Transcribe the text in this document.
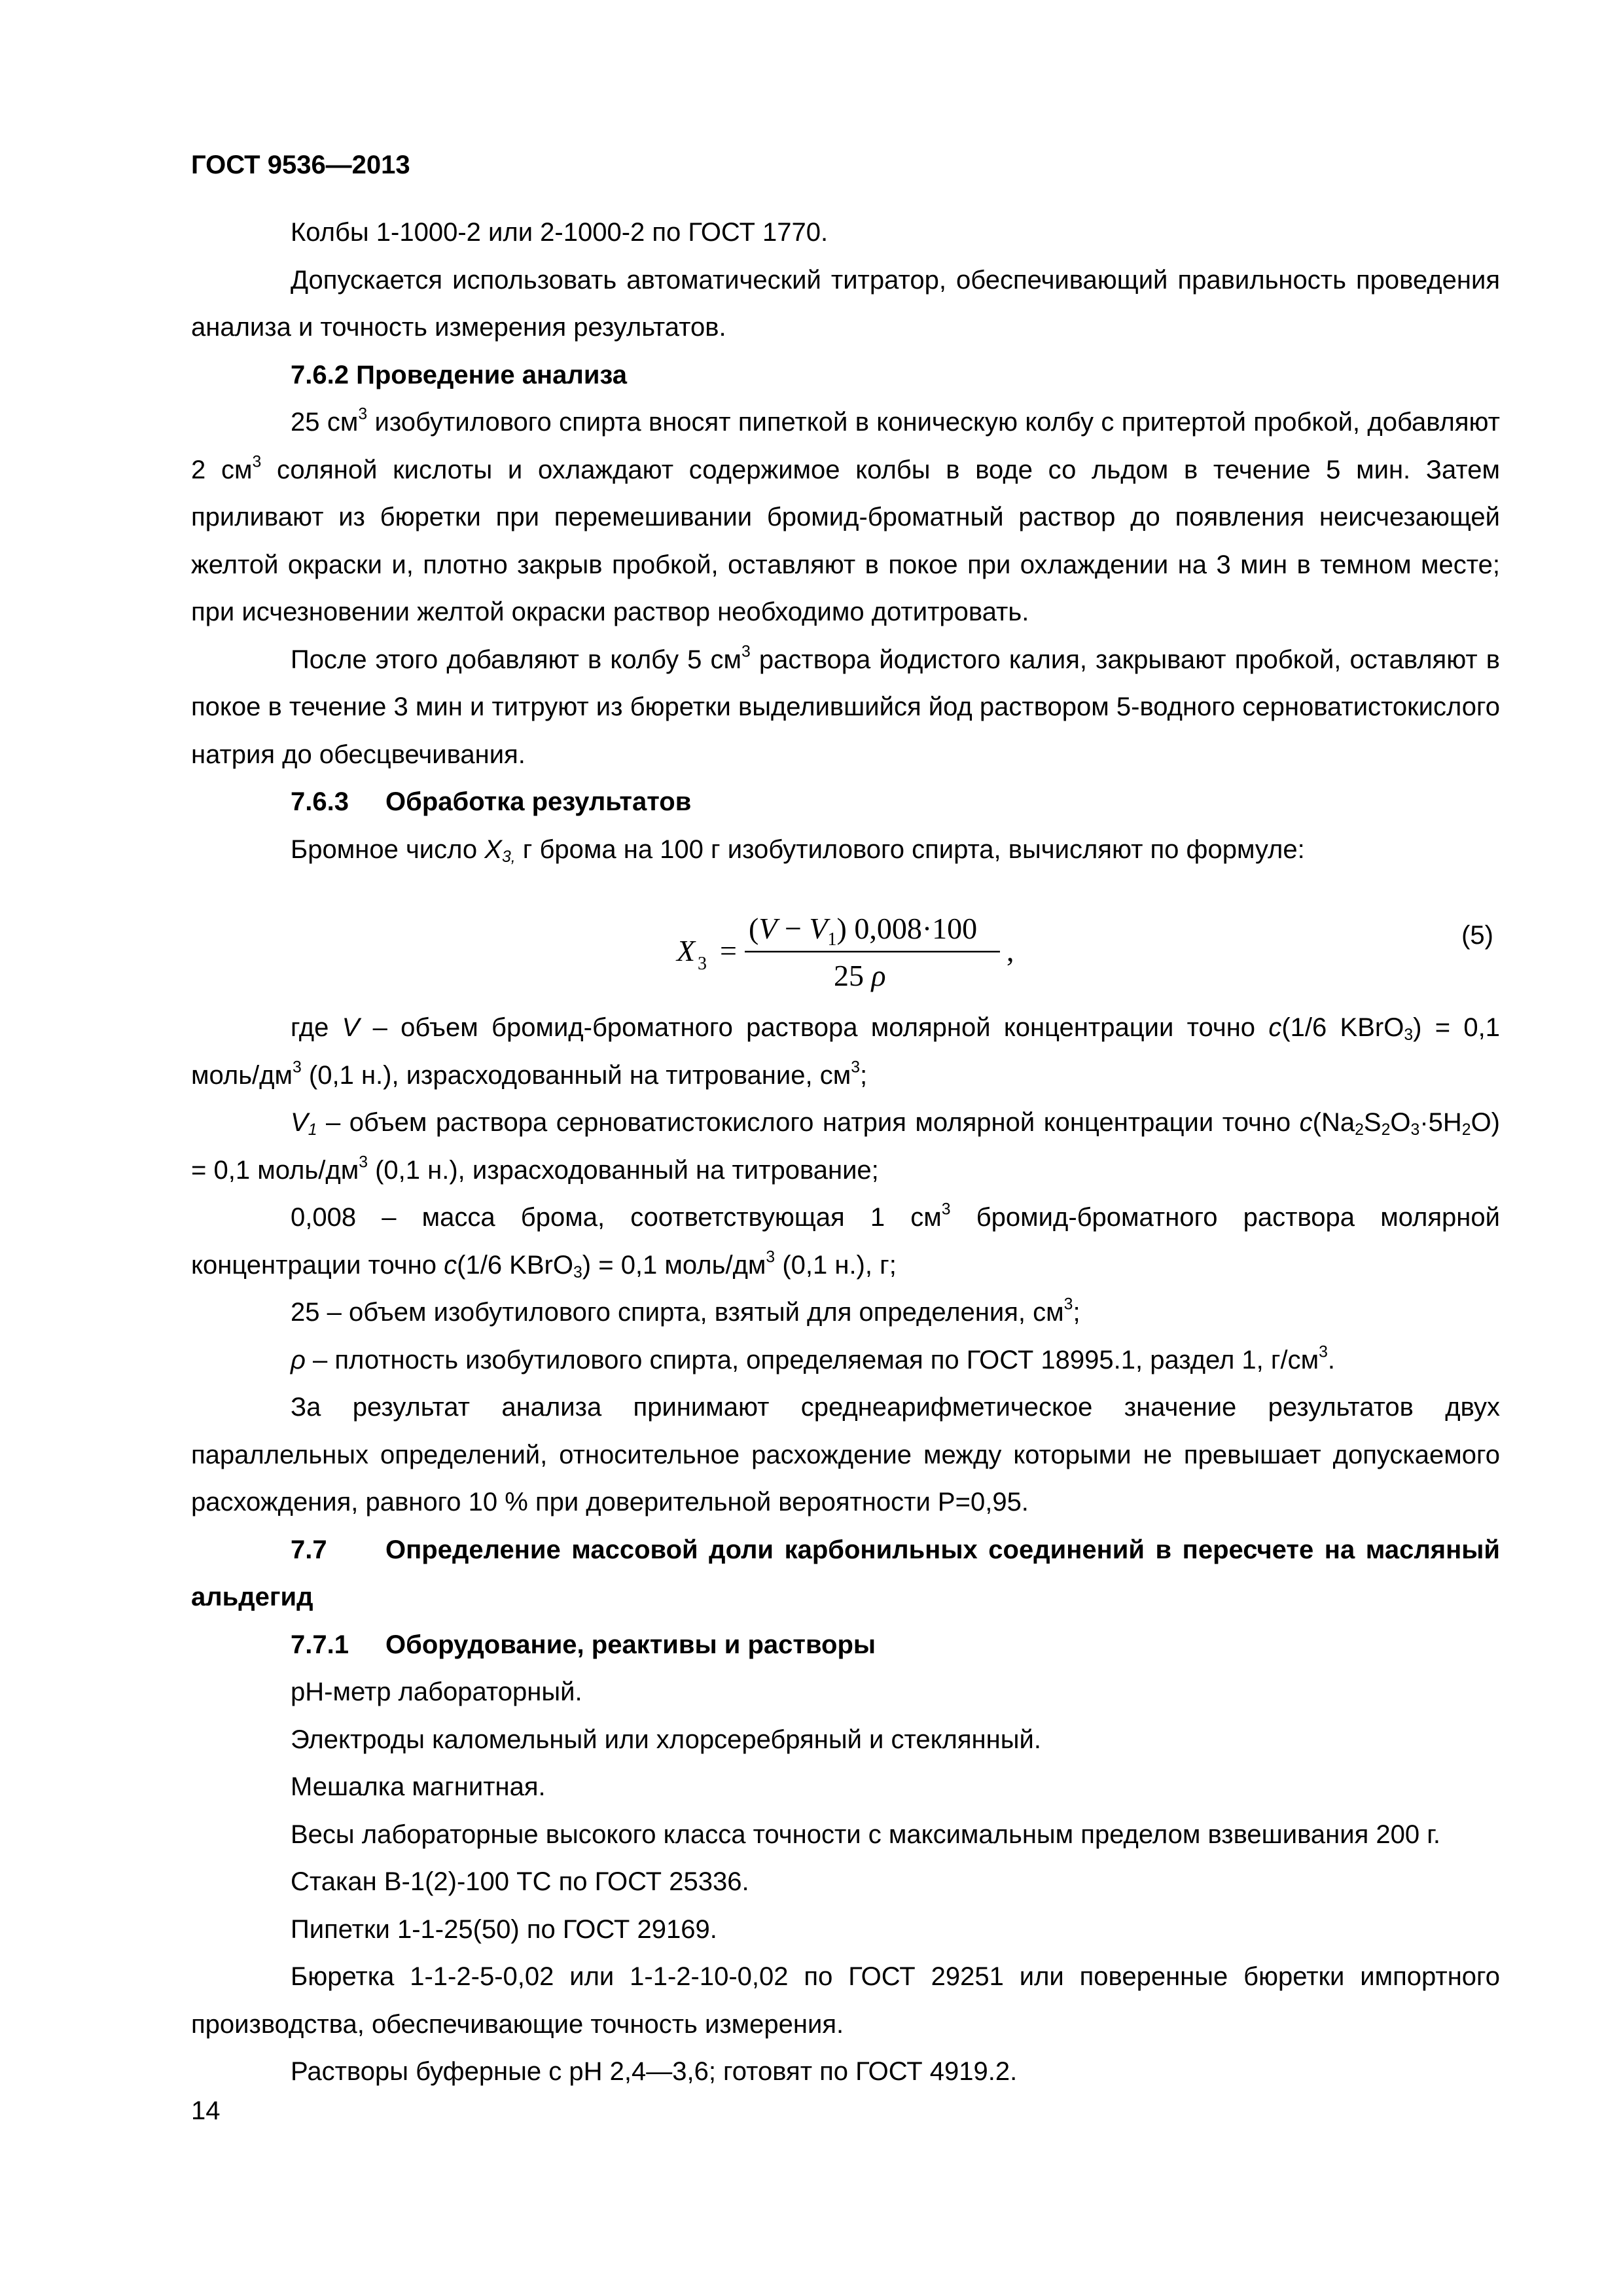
ГОСТ 9536—2013

Колбы 1-1000-2 или 2-1000-2 по ГОСТ 1770.

Допускается использовать автоматический титратор, обеспечивающий правильность проведения анализа и точность измерения результатов.

7.6.2 Проведение анализа

25 $см^3$ изобутилового спирта вносят пипеткой в коническую колбу с притертой пробкой, добавляют 2 $см^3$ соляной кислоты и охлаждают содержимое колбы в воде со льдом в течение 5 мин. Затем приливают из бюретки при перемешивании бромид-броматный раствор до появления неисчезающей желтой окраски и, плотно закрыв пробкой, оставляют в покое при охлаждении на 3 мин в темном месте; при исчезновении желтой окраски раствор необходимо дотитровать.

После этого добавляют в колбу 5 $см^3$ раствора йодистого калия, закрывают пробкой, оставляют в покое в течение 3 мин и титруют из бюретки выделившийся йод раствором 5-водного серноватистокислого натрия до обесцвечивания.

7.6.3 Обработка результатов

Бромное число $X_{3,}$ г брома на 100 г изобутилового спирта, вычисляют по формуле:

X 3 =
$(V - V_1)$ 0,008·100
25 ρ
,	(5)

где V – объем бромид-броматного раствора молярной концентрации точно c(1/6 KBrO$_3$) = 0,1 моль/$дм^3$ (0,1 н.), израсходованный на титрование, $см^3$;

$V_1$ – объем раствора серноватистокислого натрия молярной концентрации точно $c(Na_2S_2O_3\cdot 5H_2O) = 0,1$ моль/$дм^3$ (0,1 н.), израсходованный на титрование;

0,008 – масса брома, соответствующая 1 $см^3$ бромид-броматного раствора молярной концентрации точно c(1/6 KBrO$_3$) = 0,1 моль/$дм^3$ (0,1 н.), г;

25 – объем изобутилового спирта, взятый для определения, $см^3$;

ρ – плотность изобутилового спирта, определяемая по ГОСТ 18995.1, раздел 1, $г/см^3$.

За результат анализа принимают среднеарифметическое значение результатов двух параллельных определений, относительное расхождение между которыми не превышает допускаемого расхождения, равного 10 % при доверительной вероятности P=0,95.

7.7 Определение массовой доли карбонильных соединений в пересчете на масляный альдегид

7.7.1 Оборудование, реактивы и растворы

pH-метр лабораторный.

Электроды каломельный или хлорсеребряный и стеклянный.

Мешалка магнитная.

Весы лабораторные высокого класса точности с максимальным пределом взвешивания 200 г.

Стакан В-1(2)-100 ТС по ГОСТ 25336.

Пипетки 1-1-25(50) по ГОСТ 29169.

Бюретка 1-1-2-5-0,02 или 1-1-2-10-0,02 по ГОСТ 29251 или поверенные бюретки импортного производства, обеспечивающие точность измерения.

Растворы буферные с pH 2,4—3,6; готовят по ГОСТ 4919.2.

14
